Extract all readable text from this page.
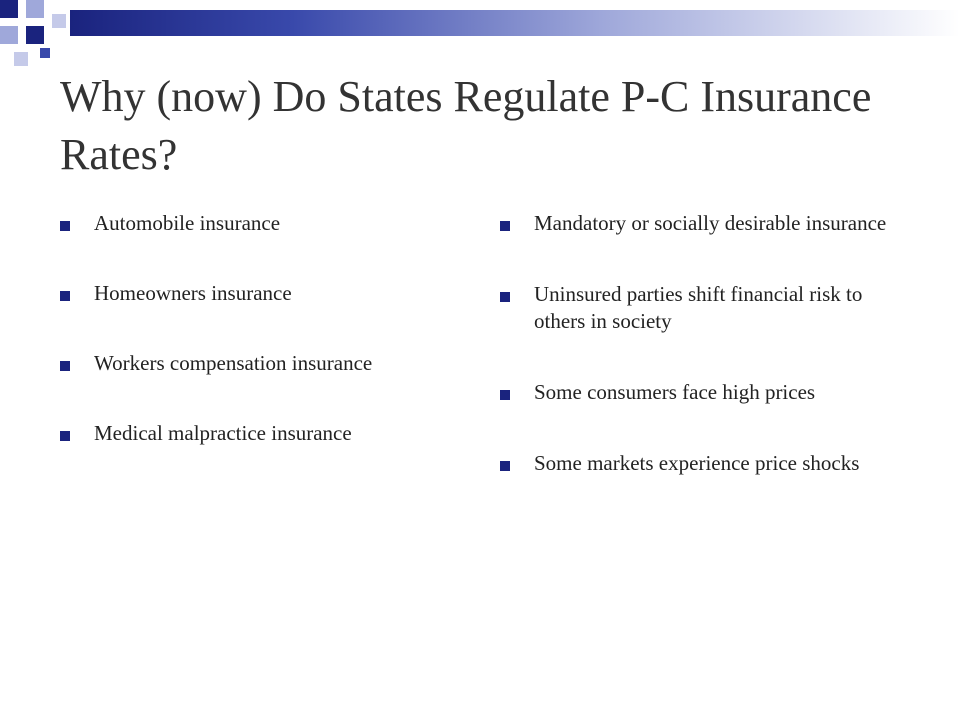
Why (now) Do States Regulate P-C Insurance Rates?
Automobile insurance
Homeowners insurance
Workers compensation insurance
Medical malpractice insurance
Mandatory or socially desirable insurance
Uninsured parties shift financial risk to others in society
Some consumers face high prices
Some markets experience price shocks
